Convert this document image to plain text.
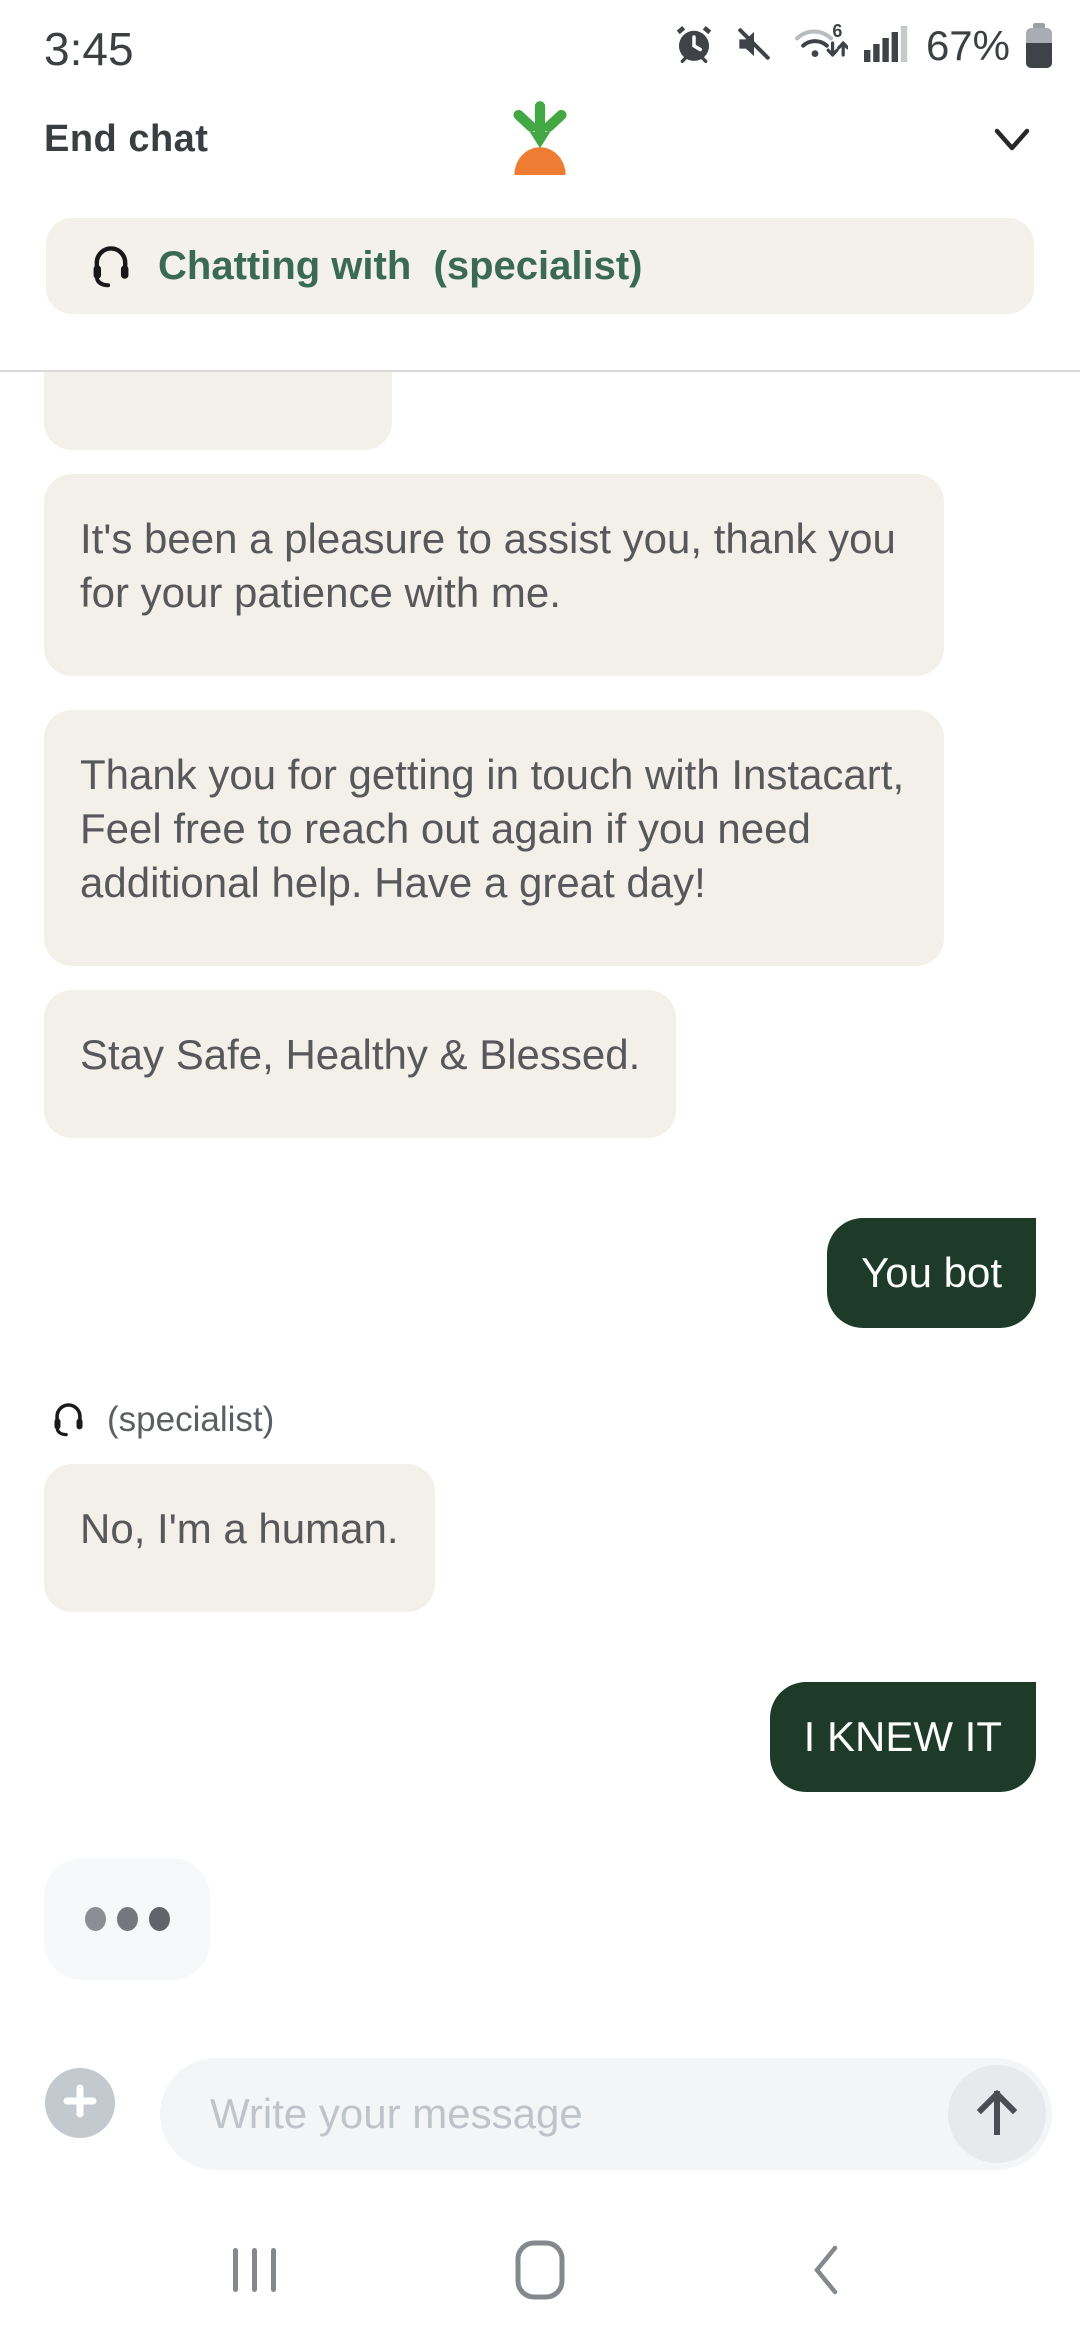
3:45	6 67%
End chat
Chatting with  (specialist)
It's been a pleasure to assist you, thank you for your patience with me.
Thank you for getting in touch with Instacart, Feel free to reach out again if you need additional help. Have a great day!
Stay Safe, Healthy & Blessed.
You bot
(specialist)
No, I'm a human.
I KNEW IT
Write your message
